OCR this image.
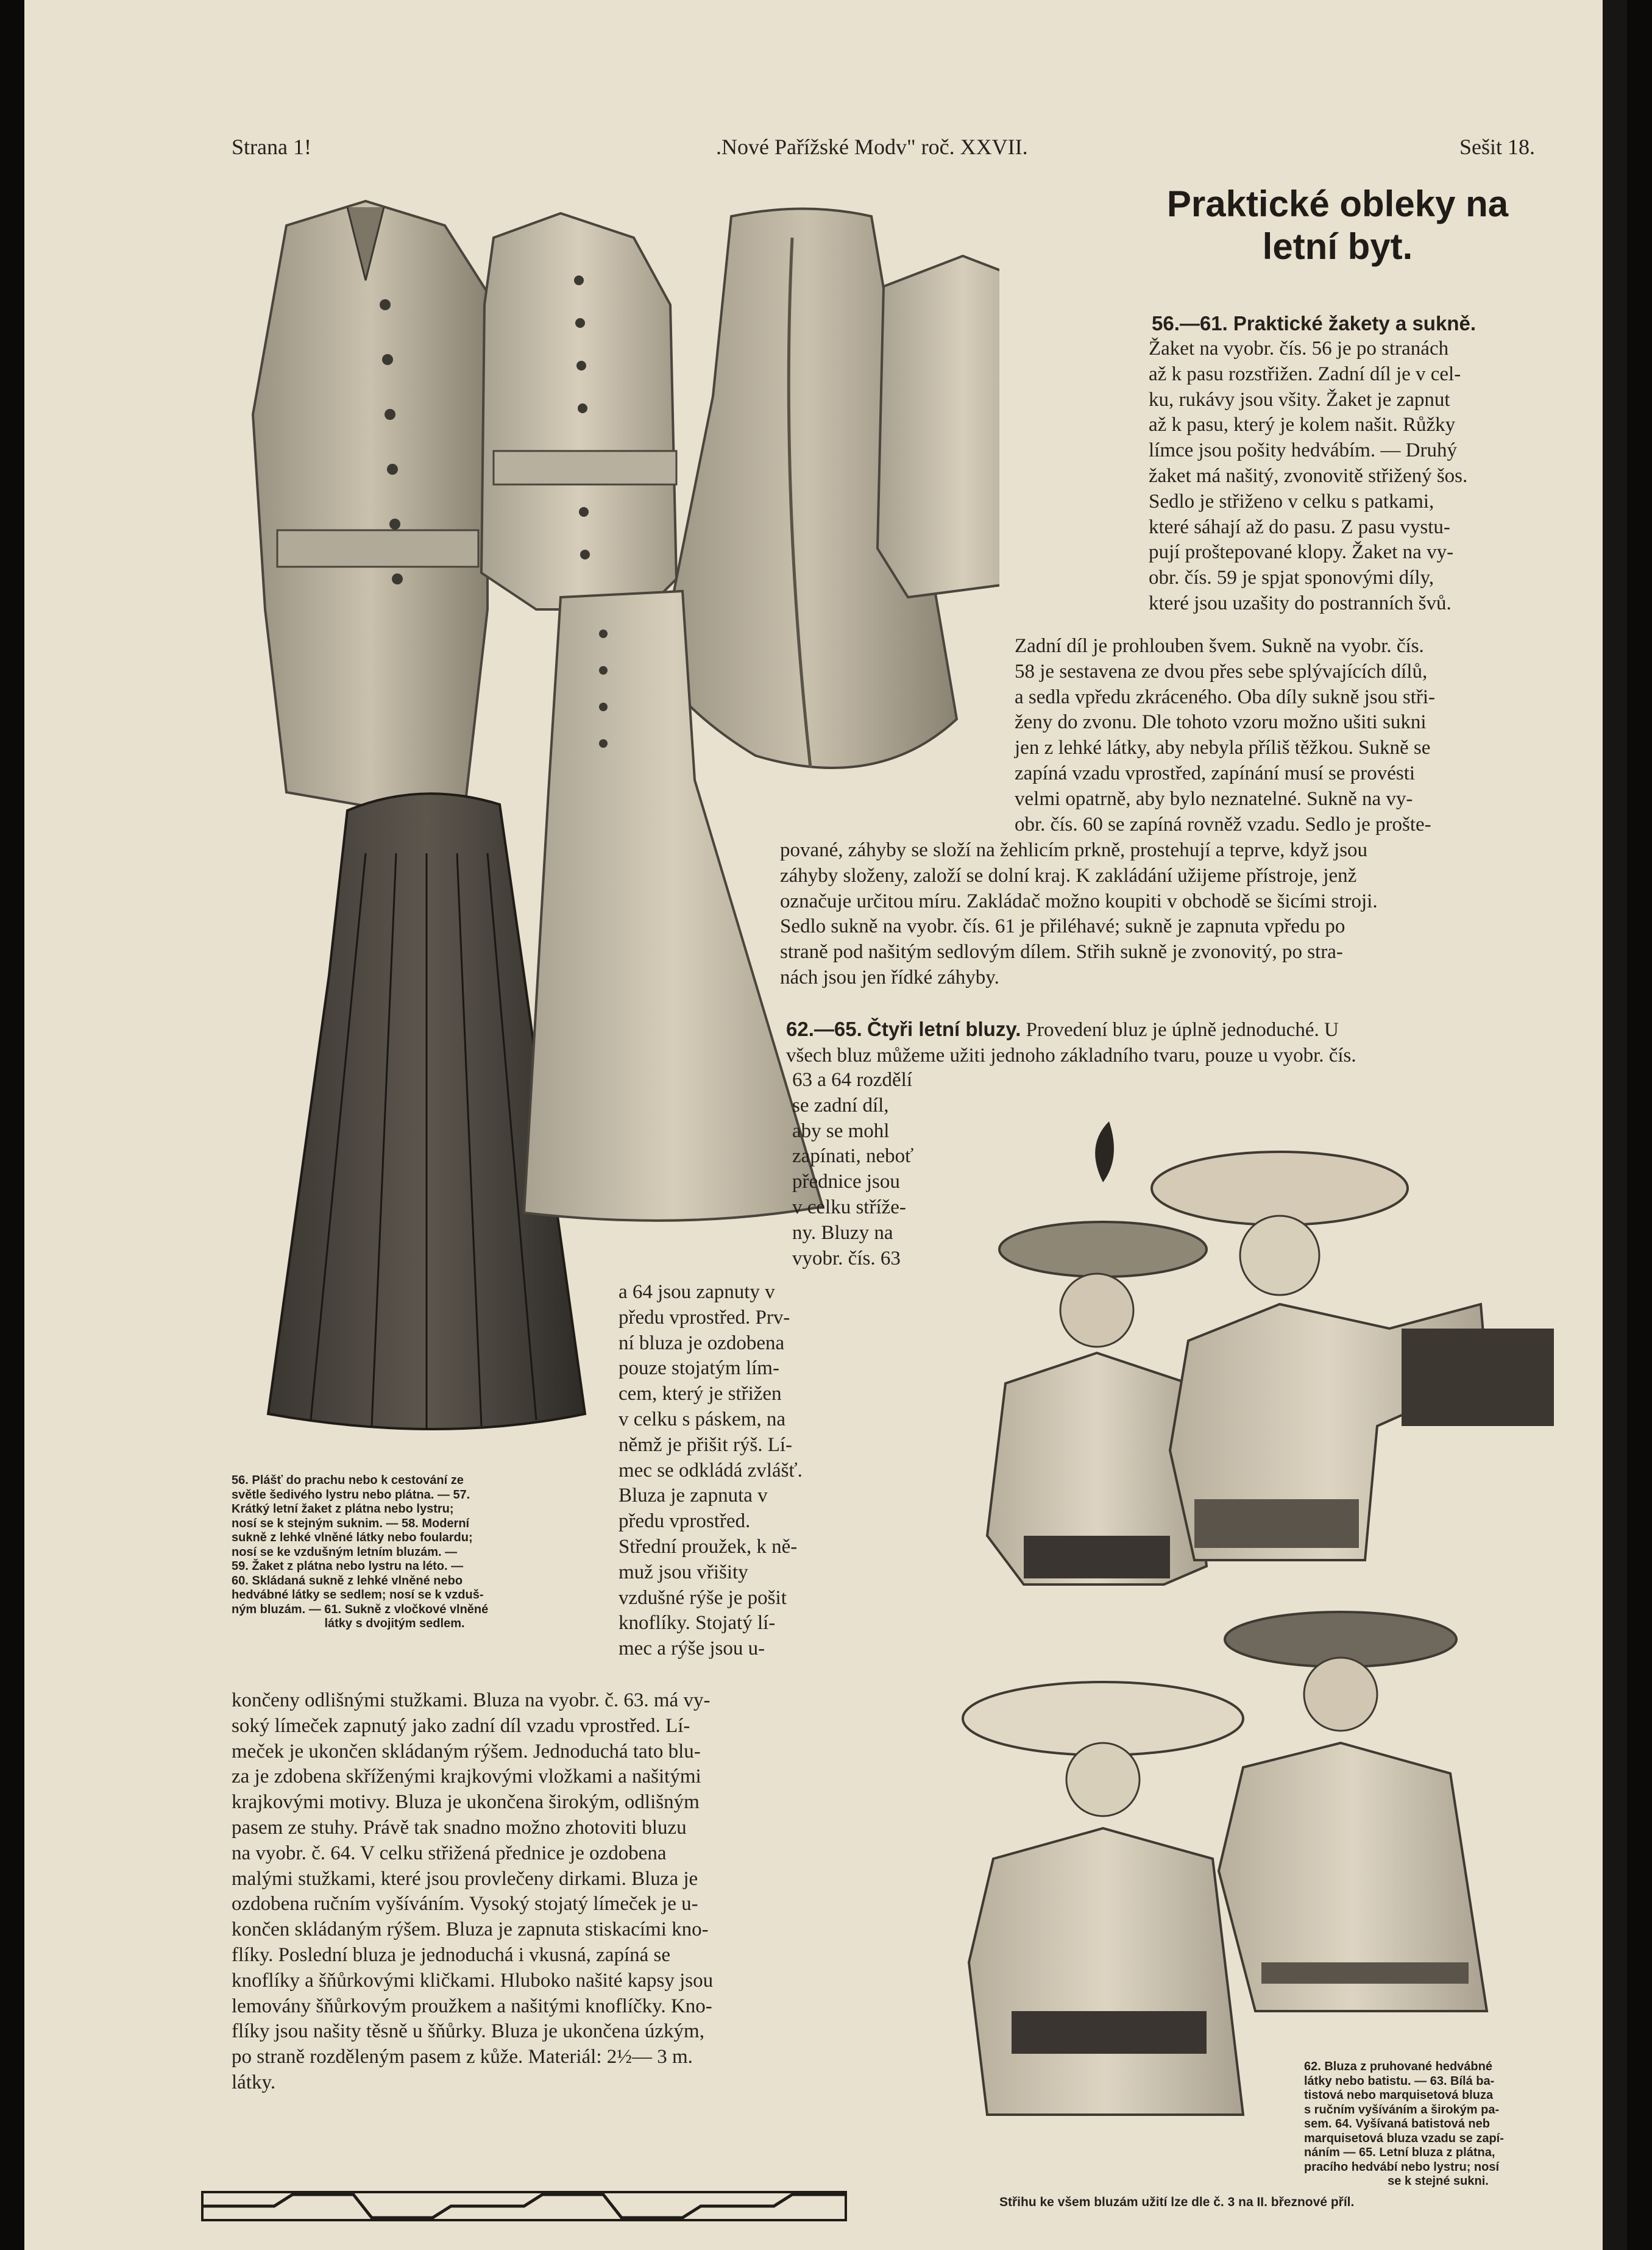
Strana 1!	.Nové Pařížské Modv" roč. XXVII.	Sešit 18.
Praktické obleky na
letní byt.
56.—61. Praktické žakety a sukně.
Žaket na vyobr. čís. 56 je po stranách
až k pasu rozstřižen. Zadní díl je v cel-
ku, rukávy jsou všity. Žaket je zapnut
až k pasu, který je kolem našit. Růžky
límce jsou pošity hedvábím. — Druhý
žaket má našitý, zvonovitě střižený šos.
Sedlo je střiženo v celku s patkami,
které sáhají až do pasu. Z pasu vystu-
pují proštepované klopy. Žaket na vy-
obr. čís. 59 je spjat sponovými díly,
které jsou uzašity do postranních švů.
Zadní díl je prohlouben švem. Sukně na vyobr. čís.
58 je sestavena ze dvou přes sebe splývajících dílů,
a sedla vpředu zkráceného. Oba díly sukně jsou stři-
ženy do zvonu. Dle tohoto vzoru možno ušiti sukni
jen z lehké látky, aby nebyla příliš těžkou. Sukně se
zapíná vzadu vprostřed, zapínání musí se provésti
velmi opatrně, aby bylo neznatelné. Sukně na vy-
obr. čís. 60 se zapíná rovněž vzadu. Sedlo je prošte-
pované, záhyby se složí na žehlicím prkně, prostehují a teprve, když jsou
záhyby složeny, založí se dolní kraj. K zakládání užijeme přístroje, jenž
označuje určitou míru. Zakládač možno koupiti v obchodě se šicími stroji.
Sedlo sukně na vyobr. čís. 61 je přiléhavé; sukně je zapnuta vpředu po
straně pod našitým sedlovým dílem. Střih sukně je zvonovitý, po stra-
nách jsou jen řídké záhyby.
62.—65. Čtyři letní bluzy. Provedení bluz je úplně jednoduché. U
všech bluz můžeme užiti jednoho základního tvaru, pouze u vyobr. čís.
63 a 64 rozdělí
se zadní díl,
aby se mohl
zapínati, neboť
přednice jsou
v celku stříže-
ny. Bluzy na
vyobr. čís. 63
a 64 jsou zapnuty v
předu vprostřed. Prv-
ní bluza je ozdobena
pouze stojatým lím-
cem, který je střižen
v celku s páskem, na
němž je přišit rýš. Lí-
mec se odkládá zvlášť.
Bluza je zapnuta v
předu vprostřed.
Střední proužek, k ně-
muž jsou vřišity
vzdušné rýše je pošit
knoflíky. Stojatý lí-
mec a rýše jsou u-
končeny odlišnými stužkami. Bluza na vyobr. č. 63. má vy-
soký límeček zapnutý jako zadní díl vzadu vprostřed. Lí-
meček je ukončen skládaným rýšem. Jednoduchá tato blu-
za je zdobena skříženými krajkovými vložkami a našitými
krajkovými motivy. Bluza je ukončena širokým, odlišným
pasem ze stuhy. Právě tak snadno možno zhotoviti bluzu
na vyobr. č. 64. V celku střižená přednice je ozdobena
malými stužkami, které jsou provlečeny dirkami. Bluza je
ozdobena ručním vyšíváním. Vysoký stojatý límeček je u-
končen skládaným rýšem. Bluza je zapnuta stiskacími kno-
flíky. Poslední bluza je jednoduchá i vkusná, zapíná se
knoflíky a šňůrkovými kličkami. Hluboko našité kapsy jsou
lemovány šňůrkovým proužkem a našitými knoflíčky. Kno-
flíky jsou našity těsně u šňůrky. Bluza je ukončena úzkým,
po straně rozděleným pasem z kůže. Materiál: 2½— 3 m.
látky.
56. Plášť do prachu nebo k cestování ze
světle šedivého lystru nebo plátna. — 57.
Krátký letní žaket z plátna nebo lystru;
nosí se k stejným suknim. — 58. Moderní
sukně z lehké vlněné látky nebo foulardu;
nosí se ke vzdušným letním bluzám. —
59. Žaket z plátna nebo lystru na léto. —
60. Skládaná sukně z lehké vlněné nebo
hedvábné látky se sedlem; nosí se k vzduš-
ným bluzám. — 61. Sukně z vločkové vlněné
látky s dvojitým sedlem.
62. Bluza z pruhované hedvábné
látky nebo batistu. — 63. Bílá ba-
tistová nebo marquisetová bluza
s ručním vyšíváním a širokým pa-
sem. 64. Vyšívaná batistová neb
marquisetová bluza vzadu se zapí-
náním — 65. Letní bluza z plátna,
pracího hedvábí nebo lystru; nosí
se k stejné sukni.
Střihu ke všem bluzám užití lze dle č. 3 na II. březnové příl.
